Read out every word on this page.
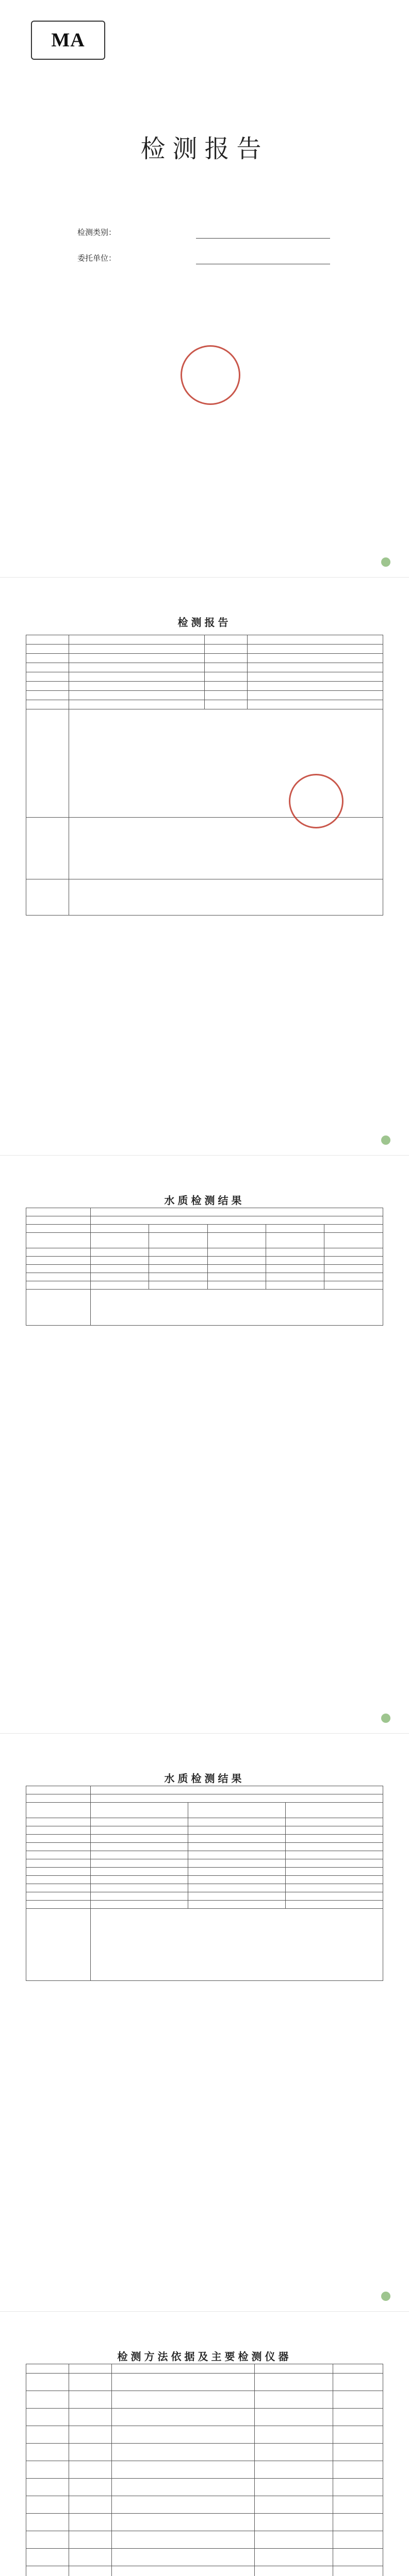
MA
检测报告
检测类别：
委托单位：
检测报告

水质检测结果

水质检测结果

检测方法依据及主要检测仪器
